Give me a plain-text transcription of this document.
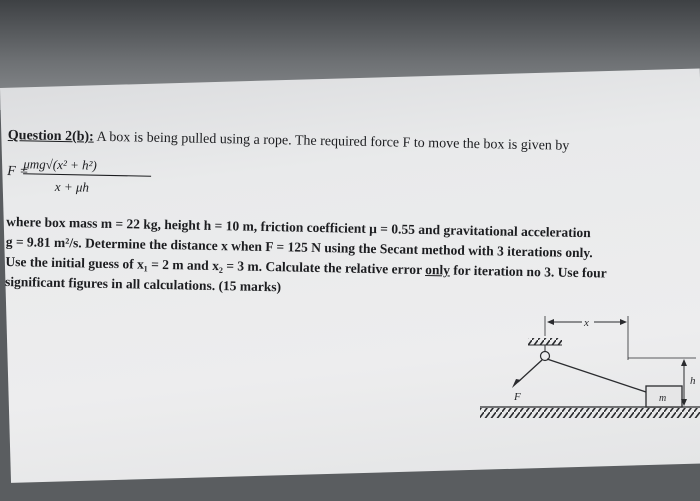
Question 2(b): A box is being pulled using a rope. The required force F to move the box is given by
F =
μmg√(x² + h²)
x + μh
where box mass m = 22 kg, height h = 10 m, friction coefficient μ = 0.55 and gravitational acceleration
g = 9.81 m²/s. Determine the distance x when F = 125 N using the Secant method with 3 iterations only.
Use the initial guess of x₁ = 2 m and x₂ = 3 m. Calculate the relative error only for iteration no 3. Use four
significant figures in all calculations. (15 marks)
F	m
x
h
